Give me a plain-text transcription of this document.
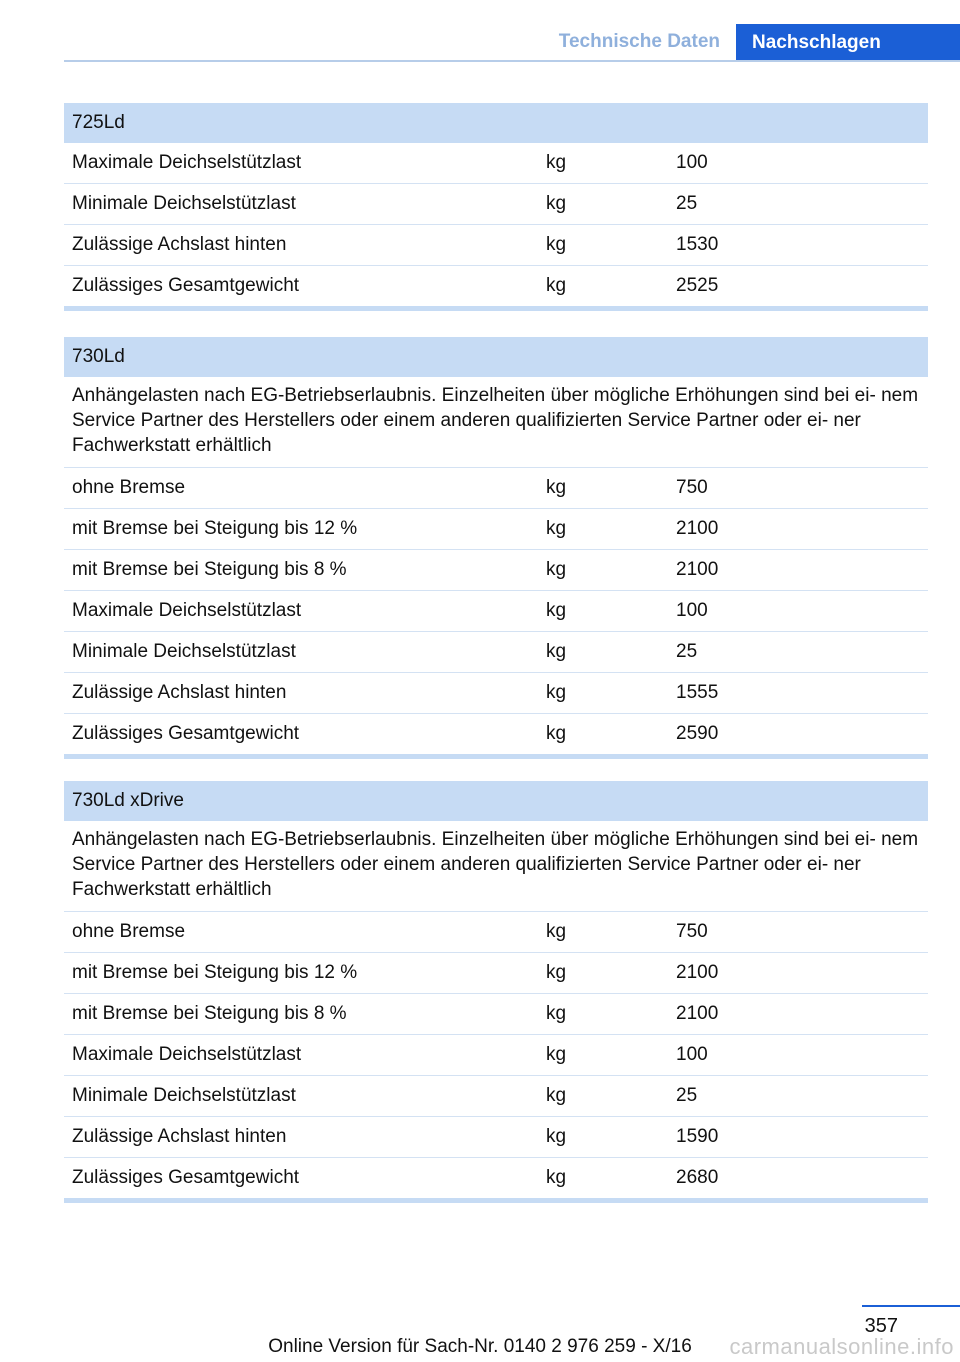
Technische Daten	Nachschlagen
725Ld
Maximale Deichselstützlast	kg	100
Minimale Deichselstützlast	kg	25
Zulässige Achslast hinten	kg	1530
Zulässiges Gesamtgewicht	kg	2525
730Ld
Anhängelasten nach EG-Betriebserlaubnis. Einzelheiten über mögliche Erhöhungen sind bei ei‐ nem Service Partner des Herstellers oder einem anderen qualifizierten Service Partner oder ei‐ ner Fachwerkstatt erhältlich
ohne Bremse	kg	750
mit Bremse bei Steigung bis 12 %	kg	2100
mit Bremse bei Steigung bis 8 %	kg	2100
Maximale Deichselstützlast	kg	100
Minimale Deichselstützlast	kg	25
Zulässige Achslast hinten	kg	1555
Zulässiges Gesamtgewicht	kg	2590
730Ld xDrive
Anhängelasten nach EG-Betriebserlaubnis. Einzelheiten über mögliche Erhöhungen sind bei ei‐ nem Service Partner des Herstellers oder einem anderen qualifizierten Service Partner oder ei‐ ner Fachwerkstatt erhältlich
ohne Bremse	kg	750
mit Bremse bei Steigung bis 12 %	kg	2100
mit Bremse bei Steigung bis 8 %	kg	2100
Maximale Deichselstützlast	kg	100
Minimale Deichselstützlast	kg	25
Zulässige Achslast hinten	kg	1590
Zulässiges Gesamtgewicht	kg	2680
357
Online Version für Sach-Nr. 0140 2 976 259 - X/16	carmanualsonline.info
